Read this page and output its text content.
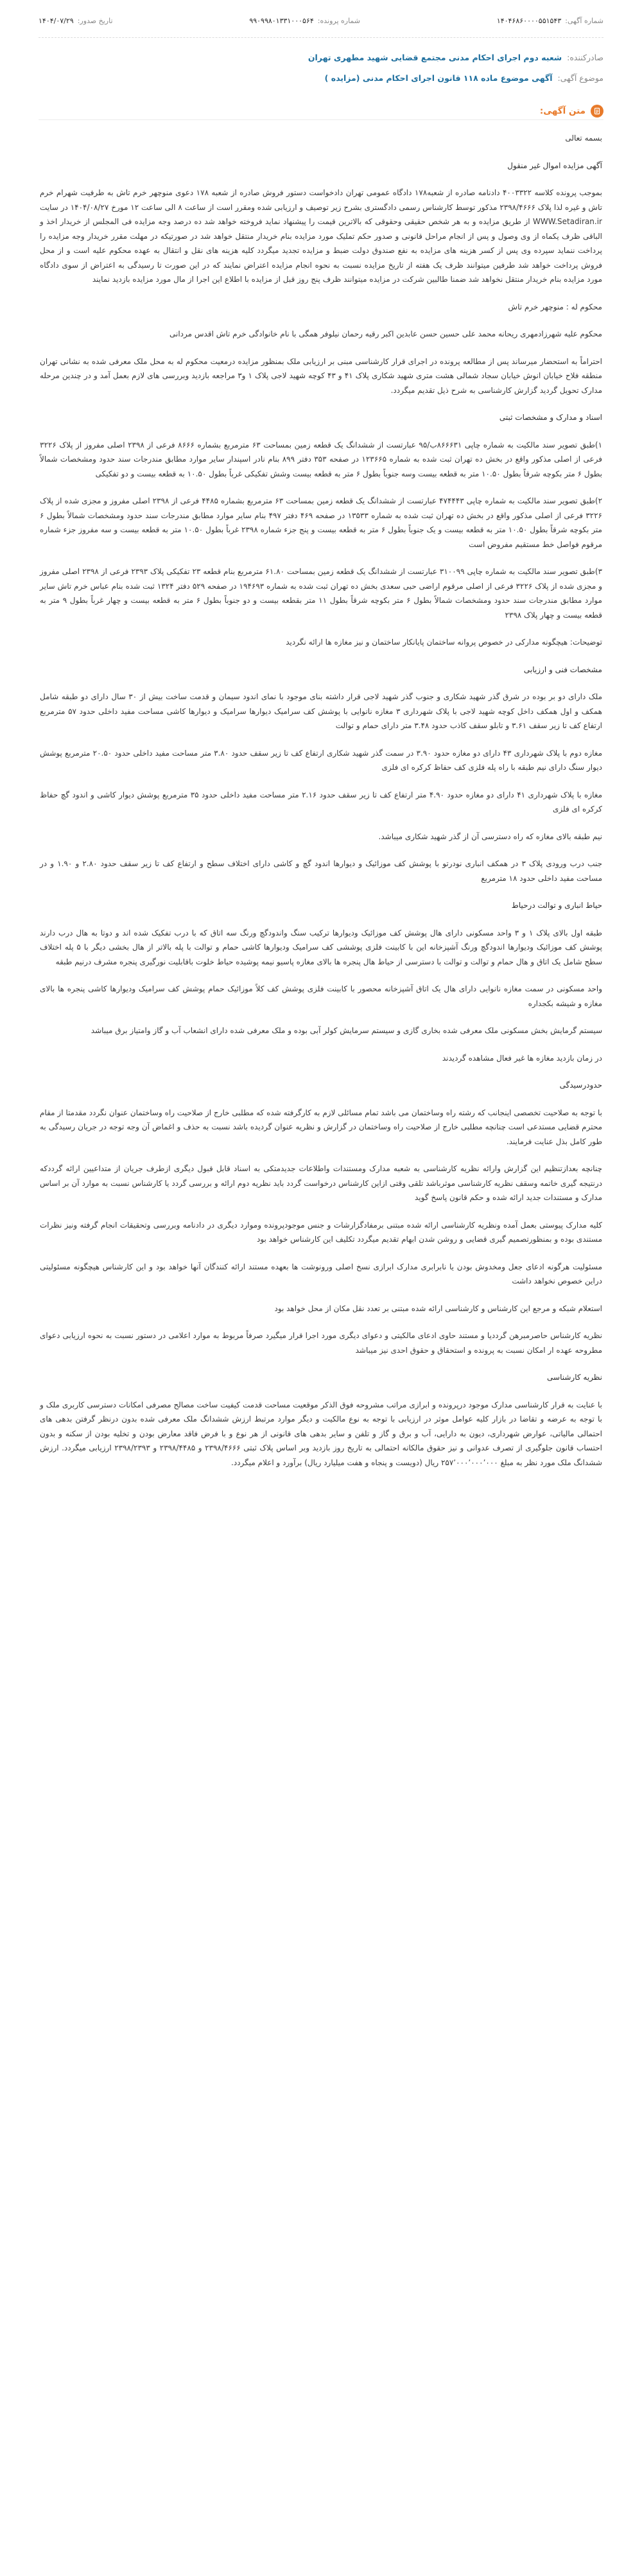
شماره آگهی:
۱۴۰۴۶۸۶۰۰۰۰۵۵۱۵۴۳
شماره پرونده:
۹۹۰۹۹۸۰۱۳۳۱۰۰۰۵۶۴
تاریخ صدور:
۱۴۰۴/۰۷/۲۹
صادرکننده: شعبه دوم اجرای احکام مدنی مجتمع قضایی شهید مطهری تهران
موضوع آگهی: آگهی موضوع ماده ۱۱۸ قانون اجرای احکام مدنی (مزایده )
متن آگهی:

بسمه تعالی

آگهی مزایده اموال غیر منقول

بموجب پرونده کلاسه ۴۰۰۳۳۲۲ دادنامه صادره از شعبه۱۷۸ دادگاه عمومی تهران دادخواست دستور فروش صادره از شعبه ۱۷۸ دعوی منوچهر خرم تاش به طرفیت شهرام خرم تاش و غیره لذا پلاک ۲۳۹۸/۴۶۶۶ مذکور توسط کارشناس رسمی دادگستری بشرح زیر توصیف و ارزیابی شده ومقرر است از ساعت ۸ الی ساعت ۱۲ مورخ ۱۴۰۴/۰۸/۲۷ در سایت WWW.Setadiran.ir از طریق مزایده و به هر شخص حقیقی وحقوقی که بالاترین قیمت را پیشنهاد نماید فروخته خواهد شد ده درصد وجه مزایده فی المجلس از خریدار اخذ و الباقی ظرف یکماه از وی وصول و پس از انجام مراحل قانونی و صدور حکم تملیک مورد مزایده بنام خریدار منتقل خواهد شد در صورتیکه در مهلت مقرر خریدار وجه مزایده را پرداخت ننماید سپرده وی پس از کسر هزینه های مزایده به نفع صندوق دولت ضبط و مزایده تجدید میگردد کلیه هزینه های نقل و انتقال به عهده محکوم علیه است و از محل فروش پرداخت خواهد شد طرفین میتوانند ظرف یک هفته از تاریخ مزایده نسبت به نحوه انجام مزایده اعتراض نمایند که در این صورت تا رسیدگی به اعتراض از سوی دادگاه مورد مزایده بنام خریدار منتقل نخواهد شد ضمنا طالبین شرکت در مزایده میتوانند ظرف پنج روز قبل از مزایده با اطلاع این اجرا از مال مورد مزایده بازدید نمایند

محکوم له : منوچهر خرم تاش

محکوم علیه شهرزادمهری ریحانه محمد علی حسین حسن عابدین اکبر رقیه رحمان نیلوفر همگی با نام خانوادگی خرم تاش اقدس مردانی

احتراماً به استحضار میرساند پس از مطالعه پرونده در اجرای قرار کارشناسی مبنی بر ارزیابی ملک بمنظور مزایده درمعیت محکوم له به محل ملک معرفی شده به نشانی تهران منطقه فلاح خیابان انوش خیابان سجاد شمالی هشت متری شهید شکاری پلاک ۴۱ و ۴۳ کوچه شهید لاجی پلاک ۱ و۳ مراجعه بازدید وبررسی های لازم بعمل آمد و در چندین مرحله مدارک تحویل گردید گزارش کارشناسی به شرح ذیل تقدیم میگردد.

اسناد و مدارک و مشخصات ثبتی

۱)طبق تصویر سند مالکیت به شماره چاپی ۸۶۶۶۳۱ب/۹۵ عبارتست از ششدانگ یک قطعه زمین بمساحت ۶۳ مترمربع بشماره ۸۶۶۶ فرعی از ۲۳۹۸ اصلی مفروز از پلاک ۳۲۲۶ فرعی از اصلی مذکور واقع در بخش ده تهران ثبت شده به شماره ۱۲۳۶۶۵ در صفحه ۳۵۳ دفتر ۸۹۹ بنام نادر اسپندار سایر موارد مطابق مندرجات سند حدود ومشخصات شمالاً بطول ۶ متر بکوچه شرقاً بطول ۱۰.۵۰ متر به قطعه بیست وسه جنوباً بطول ۶ متر به قطعه بیست وشش تفکیکی غرباً بطول ۱۰.۵۰ به قطعه بیست و دو تفکیکی

۲)طبق تصویر سند مالکیت به شماره چاپی ۴۷۴۴۴۳ عبارتست از ششدانگ یک قطعه زمین بمساحت ۶۳ مترمربع بشماره ۴۴۸۵ فرعی از ۲۳۹۸ اصلی مفروز و مجزی شده از پلاک ۳۲۲۶ فرعی از اصلی مذکور واقع در بخش ده تهران ثبت شده به شماره ۱۳۵۳۳ در صفحه ۴۶۹ دفتر ۴۹۷ بنام سایر موارد مطابق مندرجات سند حدود ومشخصات شمالاً بطول ۶ متر بکوچه شرقاً بطول ۱۰.۵۰ متر به قطعه بیست و یک جنوباً بطول ۶ متر به قطعه بیست و پنج جزء شماره ۲۳۹۸ غرباً بطول ۱۰.۵۰ متر به قطعه بیست و سه مفروز جزء شماره مرقوم فواصل خط مستقیم مفروض است

۳)طبق تصویر سند مالکیت به شماره چاپی ۳۱۰۰۹۹ عبارتست از ششدانگ یک قطعه زمین بمساحت ۶۱.۸۰ مترمربع بنام قطعه ۲۳ تفکیکی پلاک ۲۳۹۳ فرعی از ۲۳۹۸ اصلی مفروز و مجزی شده از پلاک ۳۲۲۶ فرعی از اصلی مرقوم اراضی حبی سعدی بخش ده تهران ثبت شده به شماره ۱۹۴۶۹۳ در صفحه ۵۲۹ دفتر ۱۳۲۴ ثبت شده بنام عباس خرم تاش سایر موارد مطابق مندرجات سند حدود ومشخصات شمالاً بطول ۶ متر بکوچه شرقاً بطول ۱۱ متر بقطعه بیست و دو جنوباً بطول ۶ متر به قطعه بیست و چهار غرباً بطول ۹ متر به قطعه بیست و چهار پلاک ۲۳۹۸

توضیحات: هیچگونه مدارکی در خصوص پروانه ساختمان پایانکار ساختمان و نیز مغازه ها ارائه نگردید

مشخصات فنی و ارزیابی

ملک دارای دو بر بوده در شرق گذر شهید شکاری و جنوب گذر شهید لاجی قرار داشته بنای موجود با نمای اندود سیمان و قدمت ساخت بیش از ۳۰ سال دارای دو طبقه شامل همکف و اول همکف داخل کوچه شهید لاجی با پلاک شهرداری ۳ مغازه نانوایی با پوشش کف سرامیک دیوارها سرامیک و دیوارها کاشی مساحت مفید داخلی حدود ۵۷ مترمربع ارتفاع کف تا زیر سقف ۳.۶۱ و تابلو سقف کاذب حدود ۳.۴۸ متر دارای حمام و توالت

مغازه دوم با پلاک شهرداری ۴۳ دارای دو مغازه حدود ۳.۹۰ در سمت گذر شهید شکاری ارتفاع کف تا زیر سقف حدود ۳.۸۰ متر مساحت مفید داخلی حدود ۲۰.۵۰ مترمربع پوشش دیوار سنگ دارای نیم طبقه با راه پله فلزی کف حفاظ کرکره ای فلزی

مغازه با پلاک شهرداری ۴۱ دارای دو مغازه حدود ۴.۹۰ متر ارتفاع کف تا زیر سقف حدود ۲.۱۶ متر مساحت مفید داخلی حدود ۳۵ مترمربع پوشش دیوار کاشی و اندود گچ حفاظ کرکره ای فلزی

نیم طبقه بالای مغازه که راه دسترسی آن از گذر شهید شکاری میباشد.

جنب درب ورودی پلاک ۳ در همکف انباری نودرتو با پوشش کف موزائیک و دیوارها اندود گچ و کاشی دارای اختلاف سطح و ارتفاع کف تا زیر سقف حدود ۲.۸۰ و ۱.۹۰ و در مساحت مفید داخلی حدود ۱۸ مترمربع

حیاط انباری و توالت درحیاط

طبقه اول بالای پلاک ۱ و ۳ واحد مسکونی دارای هال پوشش کف موزائیک ودیوارها ترکیب سنگ واندودگچ ورنگ سه اتاق که با درب تفکیک شده اند و دوتا به هال درب دارند پوشش کف موزائیک ودیوارها اندودگچ ورنگ آشپزخانه این با کابینت فلزی پوششی کف سرامیک ودیوارها کاشی حمام و توالت با پله بالاتر از هال بخشی دیگر با ۵ پله اختلاف سطح شامل یک اتاق و هال حمام و توالت و توالت با دسترسی از حیاط هال پنجره ها بالای مغازه پاسیو نیمه پوشیده حیاط خلوت باقابلیت نورگیری پنجره مشرف درنیم طبقه

واحد مسکونی در سمت مغازه نانوایی دارای هال یک اتاق آشپزخانه محصور با کابینت فلزی پوشش کف کلاً موزائیک حمام پوشش کف سرامیک ودیوارها کاشی پنجره ها بالای مغازه و شیشه بکجداره

سیستم گرمایش بخش مسکونی ملک معرفی شده بخاری گازی و سیستم سرمایش کولر آبی بوده و ملک معرفی شده دارای انشعاب آب و گاز وامتیاز برق میباشد

در زمان بازدید مغازه ها غیر فعال مشاهده گردیدند

حدودرسیدگی

با توجه به صلاحیت تخصصی اینجانب که رشته راه وساختمان می باشد تمام مسائلی لازم به کارگرفته شده که مطلبی خارج از صلاحیت راه وساختمان عنوان نگردد مقدمتا از مقام محترم قضایی مستدعی است چنانچه مطلبی خارج از صلاحیت راه وساختمان در گزارش و نظریه عنوان گردیده باشد نسبت به حذف و اغماض آن وجه توجه در جریان رسیدگی به طور کامل بذل عنایت فرمایند.

چنانچه بعدازتنظیم این گزارش وارائه نظریه کارشناسی به شعبه مدارک ومستندات واطلاعات جدیدمتکی به اسناد قابل قبول دیگری ازطرف جریان از متداعیین ارائه گرددکه درنتیجه گیری خاتمه وسقف نظریه کارشناسی موثرباشد تلقی وقتی ازاین کارشناس درخواست گردد باید نظریه دوم ارائه و بررسی گردد یا کارشناس نسبت به موارد آن بر اساس مدارک و مستندات جدید ارائه شده و حکم قانون پاسخ گوید

کلیه مدارک پیوستی بعمل آمده ونظریه کارشناسی ارائه شده مبتنی برمفادگزارشات و جنس موجودپرونده وموارد دیگری در دادنامه وبررسی وتحقیقات انجام گرفته ونیز نظرات مستندی بوده و بمنظورتصمیم گیری قضایی و روشن شدن ابهام تقدیم میگردد تکلیف این کارشناس خواهد بود

مسئولیت هرگونه ادعای جعل ومخدوش بودن یا نابرابری مدارک ابرازی نسخ اصلی ورونوشت ها بعهده مستند ارائه کنندگان آنها خواهد بود و این کارشناس هیچگونه مسئولیتی دراین خصوص نخواهد داشت

استعلام شبکه و مرجع این کارشناس و کارشناسی ارائه شده مبتنی بر تعدد نقل مکان از محل خواهد بود

نظریه کارشناس حاصرمبرهن گرددیا و مستند حاوی ادعای مالکیتی و دعوای دیگری مورد اجرا قرار میگیرد صرفاً مربوط به موارد اعلامی در دستور نسبت به نحوه ارزیابی دعوای مطروحه عهده ار امکان نسبت به پرونده و استحقاق و حقوق احدی نیز میباشد

نظریه کارشناسی

با عنایت به قرار کارشناسی مدارک موجود درپرونده و ابرازی مراتب مشروحه فوق الذکر موقعیت مساحت قدمت کیفیت ساخت مصالح مصرفی امکانات دسترسی کاربری ملک و با توجه به عرضه و تقاضا در بازار کلیه عوامل موثر در ارزیابی با توجه به نوع مالکیت و دیگر موارد مرتبط ارزش ششدانگ ملک معرفی شده بدون درنظر گرفتن بدهی های احتمالی مالیاتی، عوارض شهرداری، دیون به دارایی، آب و برق و گاز و تلفن و سایر بدهی های قانونی از هر نوع و با فرض فاقد معارض بودن و تخلیه بودن از سکنه و بدون احتساب قانون جلوگیری از تصرف عدوانی و نیز حقوق مالکانه احتمالی به تاریخ روز بازدید وبر اساس پلاک ثبتی ۲۳۹۸/۴۶۶۶ و ۲۳۹۸/۴۴۸۵ و ۲۳۹۸/۲۳۹۳ ارزیابی میگردد. ارزش ششدانگ ملک مورد نظر به مبلغ ۲۵۷٬۰۰۰٬۰۰۰٬۰۰۰ ریال (دویست و پنجاه و هفت میلیارد ریال) برآورد و اعلام میگردد.
